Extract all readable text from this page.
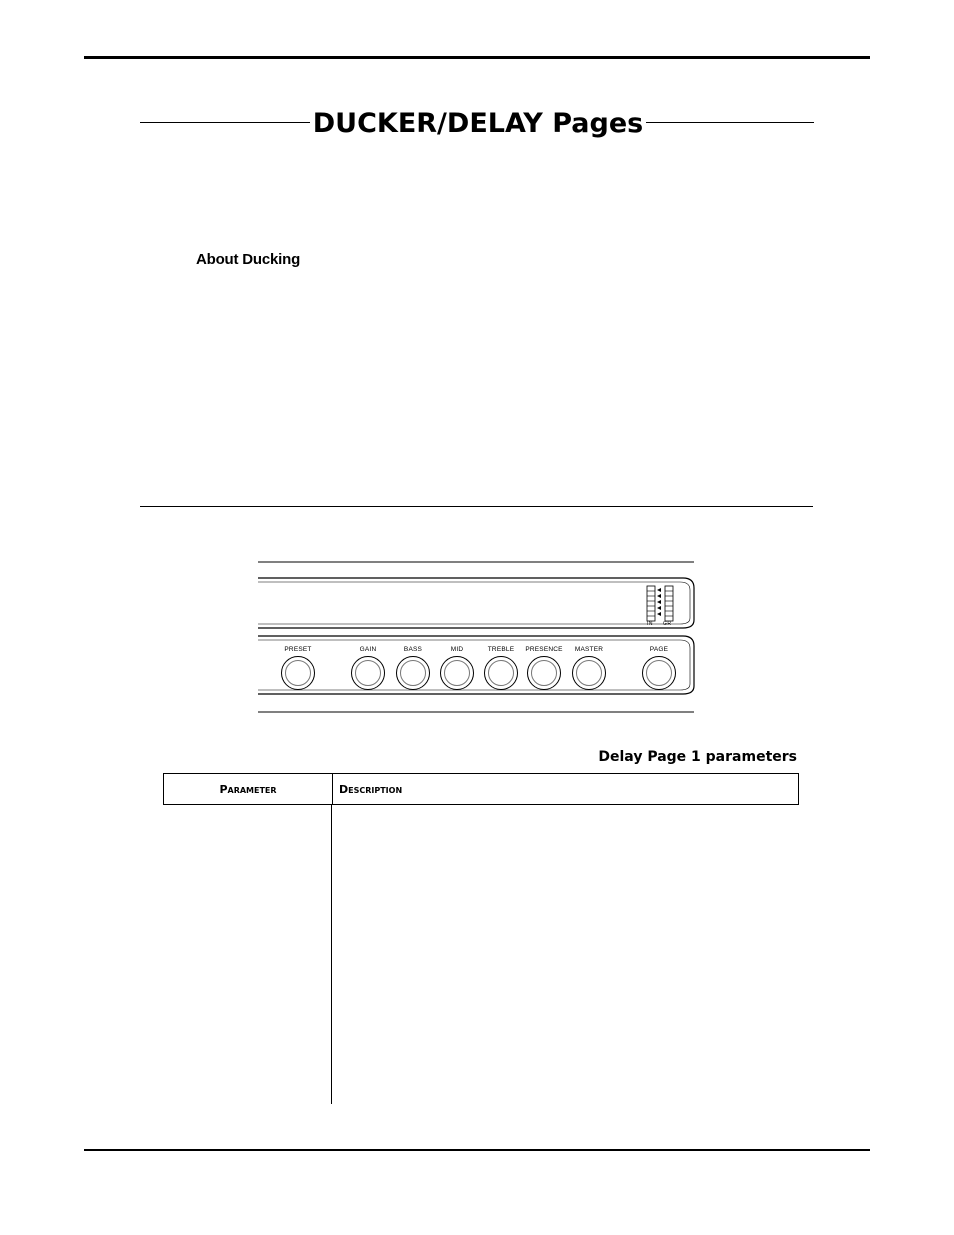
DUCKER/DELAY Pages
About Ducking
IN GR
PRESET	GAIN	BASS	MID	TREBLE	PRESENCE	MASTER	PAGE
Delay Page 1 parameters
Parameter	Description
